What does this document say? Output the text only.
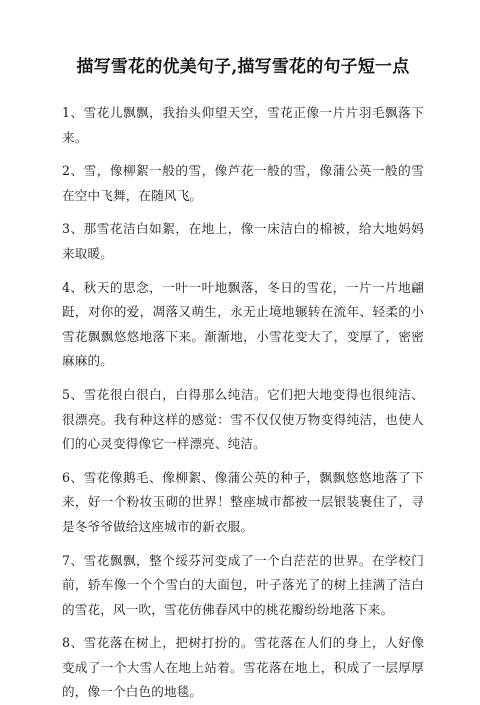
描写雪花的优美句子,描写雪花的句子短一点

1、雪花儿飘飘，我抬头仰望天空，雪花正像一片片羽毛飘落下来。

2、雪，像柳絮一般的雪，像芦花一般的雪，像蒲公英一般的雪在空中飞舞，在随风飞。

3、那雪花洁白如絮，在地上，像一床洁白的棉被，给大地妈妈来取暖。

4、秋天的思念，一叶一叶地飘落，冬日的雪花，一片一片地翩跹，对你的爱，凋落又萌生，永无止境地辗转在流年、轻柔的小雪花飘飘悠悠地落下来。渐渐地，小雪花变大了，变厚了，密密麻麻的。

5、雪花很白很白，白得那么纯洁。它们把大地变得也很纯洁、很漂亮。我有种这样的感觉：雪不仅仅使万物变得纯洁，也使人们的心灵变得像它一样漂亮、纯洁。

6、雪花像鹅毛、像柳絮、像蒲公英的种子，飘飘悠悠地落了下来，好一个粉妆玉砌的世界！整座城市都被一层银装裹住了，寻是冬爷爷做给这座城市的新衣服。

7、雪花飘飘，整个绥芬河变成了一个白茫茫的世界。在学校门前，轿车像一个个雪白的大面包，叶子落光了的树上挂满了洁白的雪花，风一吹，雪花仿佛春风中的桃花瓣纷纷地落下来。

8、雪花落在树上，把树打扮的。雪花落在人们的身上，人好像变成了一个大雪人在地上站着。雪花落在地上，积成了一层厚厚的，像一个白色的地毯。
